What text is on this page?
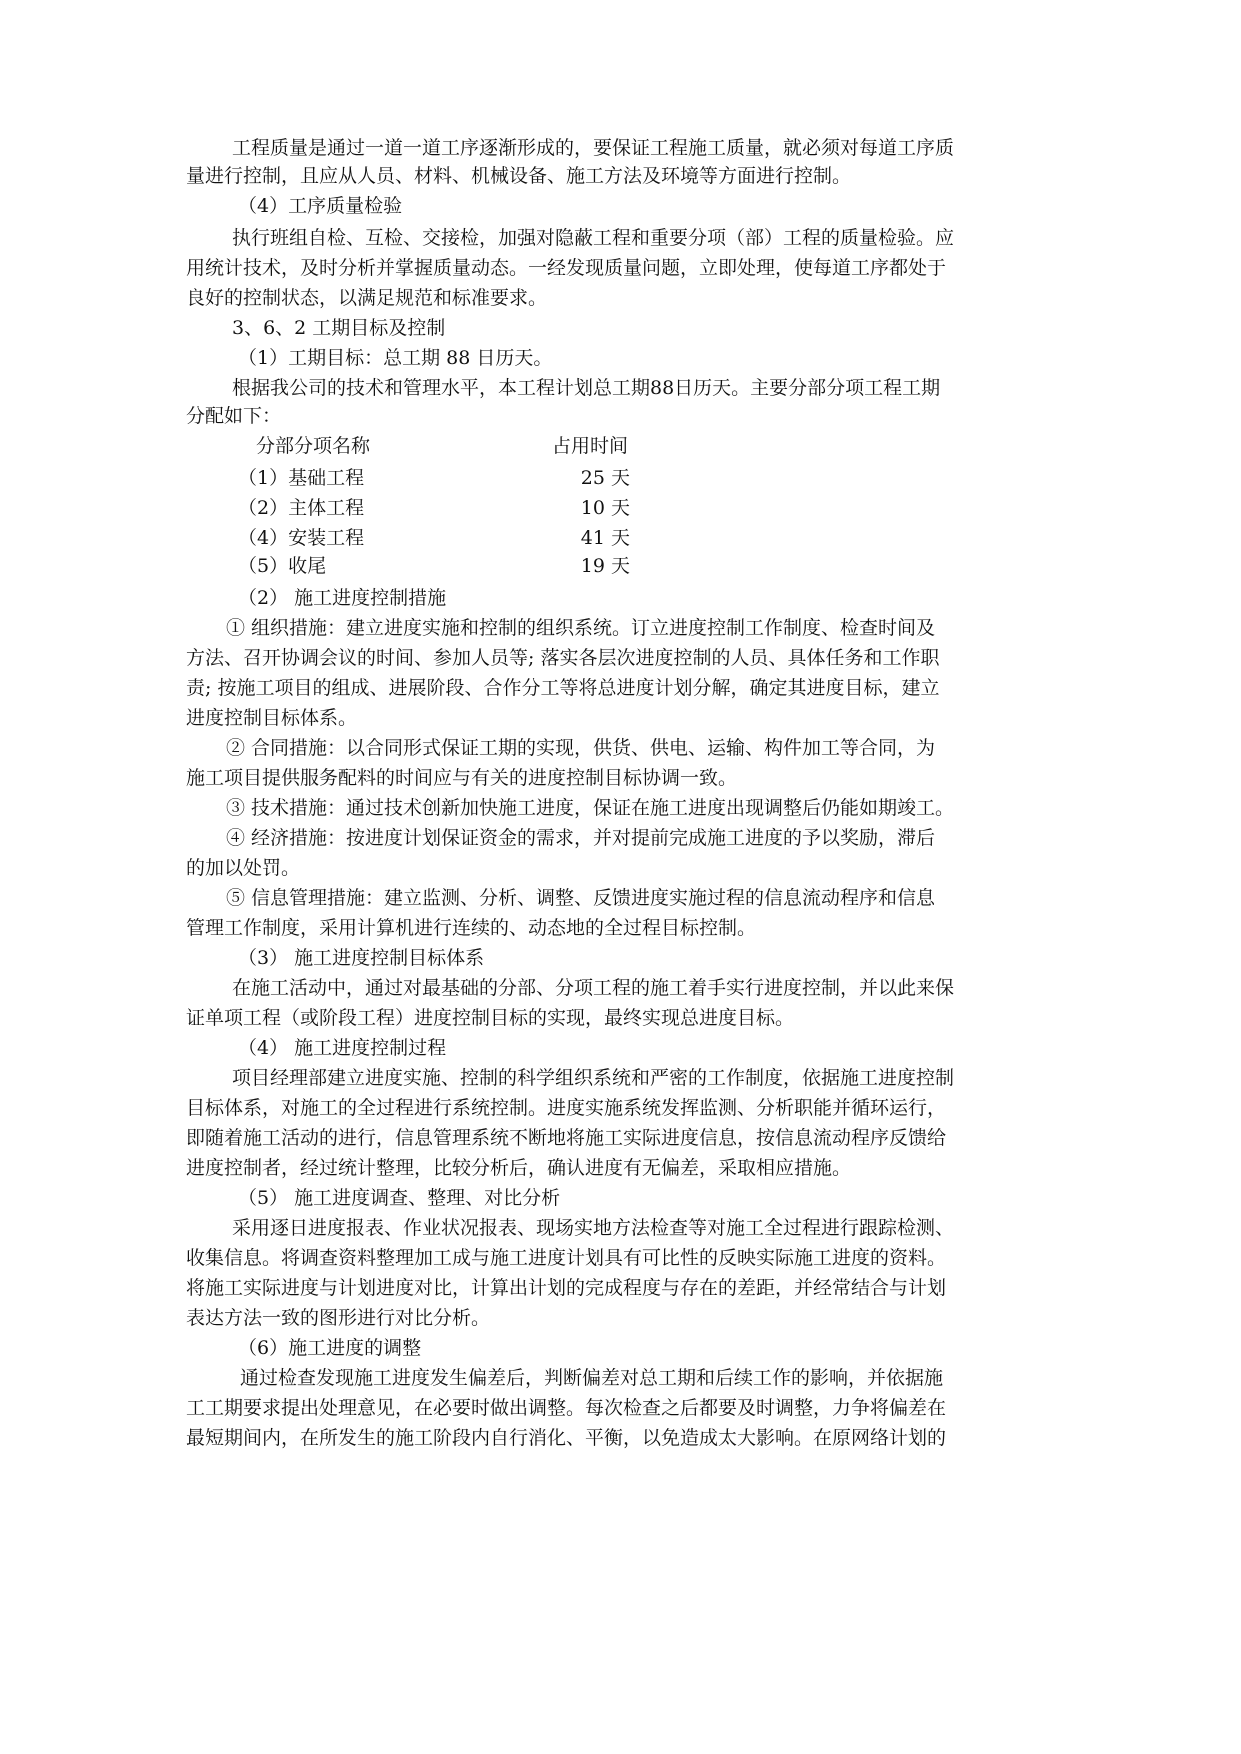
工程质量是通过一道一道工序逐渐形成的，要保证工程施工质量，就必须对每道工序质

量进行控制，且应从人员、材料、机械设备、施工方法及环境等方面进行控制。

（4）工序质量检验

执行班组自检、互检、交接检，加强对隐蔽工程和重要分项（部）工程的质量检验。应

用统计技术，及时分析并掌握质量动态。一经发现质量问题，立即处理，使每道工序都处于

良好的控制状态，以满足规范和标准要求。

3、6、2 工期目标及控制

（1）工期目标：总工期 88 日历天。

根据我公司的技术和管理水平，本工程计划总工期88日历天。主要分部分项工程工期

分配如下：

分部分项名称	占用时间
（1）基础工程	25 天
（2）主体工程	10 天
（4）安装工程	41 天
（5）收尾	19 天

（2） 施工进度控制措施

① 组织措施：建立进度实施和控制的组织系统。订立进度控制工作制度、检查时间及

方法、召开协调会议的时间、参加人员等; 落实各层次进度控制的人员、具体任务和工作职

责; 按施工项目的组成、进展阶段、合作分工等将总进度计划分解，确定其进度目标，建立

进度控制目标体系。

② 合同措施：以合同形式保证工期的实现，供货、供电、运输、构件加工等合同，为

施工项目提供服务配料的时间应与有关的进度控制目标协调一致。

③ 技术措施：通过技术创新加快施工进度，保证在施工进度出现调整后仍能如期竣工。

④ 经济措施：按进度计划保证资金的需求，并对提前完成施工进度的予以奖励，滞后

的加以处罚。

⑤ 信息管理措施：建立监测、分析、调整、反馈进度实施过程的信息流动程序和信息

管理工作制度，采用计算机进行连续的、动态地的全过程目标控制。

（3） 施工进度控制目标体系

在施工活动中，通过对最基础的分部、分项工程的施工着手实行进度控制，并以此来保

证单项工程（或阶段工程）进度控制目标的实现，最终实现总进度目标。

（4） 施工进度控制过程

项目经理部建立进度实施、控制的科学组织系统和严密的工作制度，依据施工进度控制

目标体系，对施工的全过程进行系统控制。进度实施系统发挥监测、分析职能并循环运行，

即随着施工活动的进行，信息管理系统不断地将施工实际进度信息，按信息流动程序反馈给

进度控制者，经过统计整理，比较分析后，确认进度有无偏差，采取相应措施。

（5） 施工进度调查、整理、对比分析

采用逐日进度报表、作业状况报表、现场实地方法检查等对施工全过程进行跟踪检测、

收集信息。将调查资料整理加工成与施工进度计划具有可比性的反映实际施工进度的资料。

将施工实际进度与计划进度对比，计算出计划的完成程度与存在的差距，并经常结合与计划

表达方法一致的图形进行对比分析。

（6）施工进度的调整

通过检查发现施工进度发生偏差后，判断偏差对总工期和后续工作的影响，并依据施

工工期要求提出处理意见，在必要时做出调整。每次检查之后都要及时调整，力争将偏差在

最短期间内，在所发生的施工阶段内自行消化、平衡，以免造成太大影响。在原网络计划的
